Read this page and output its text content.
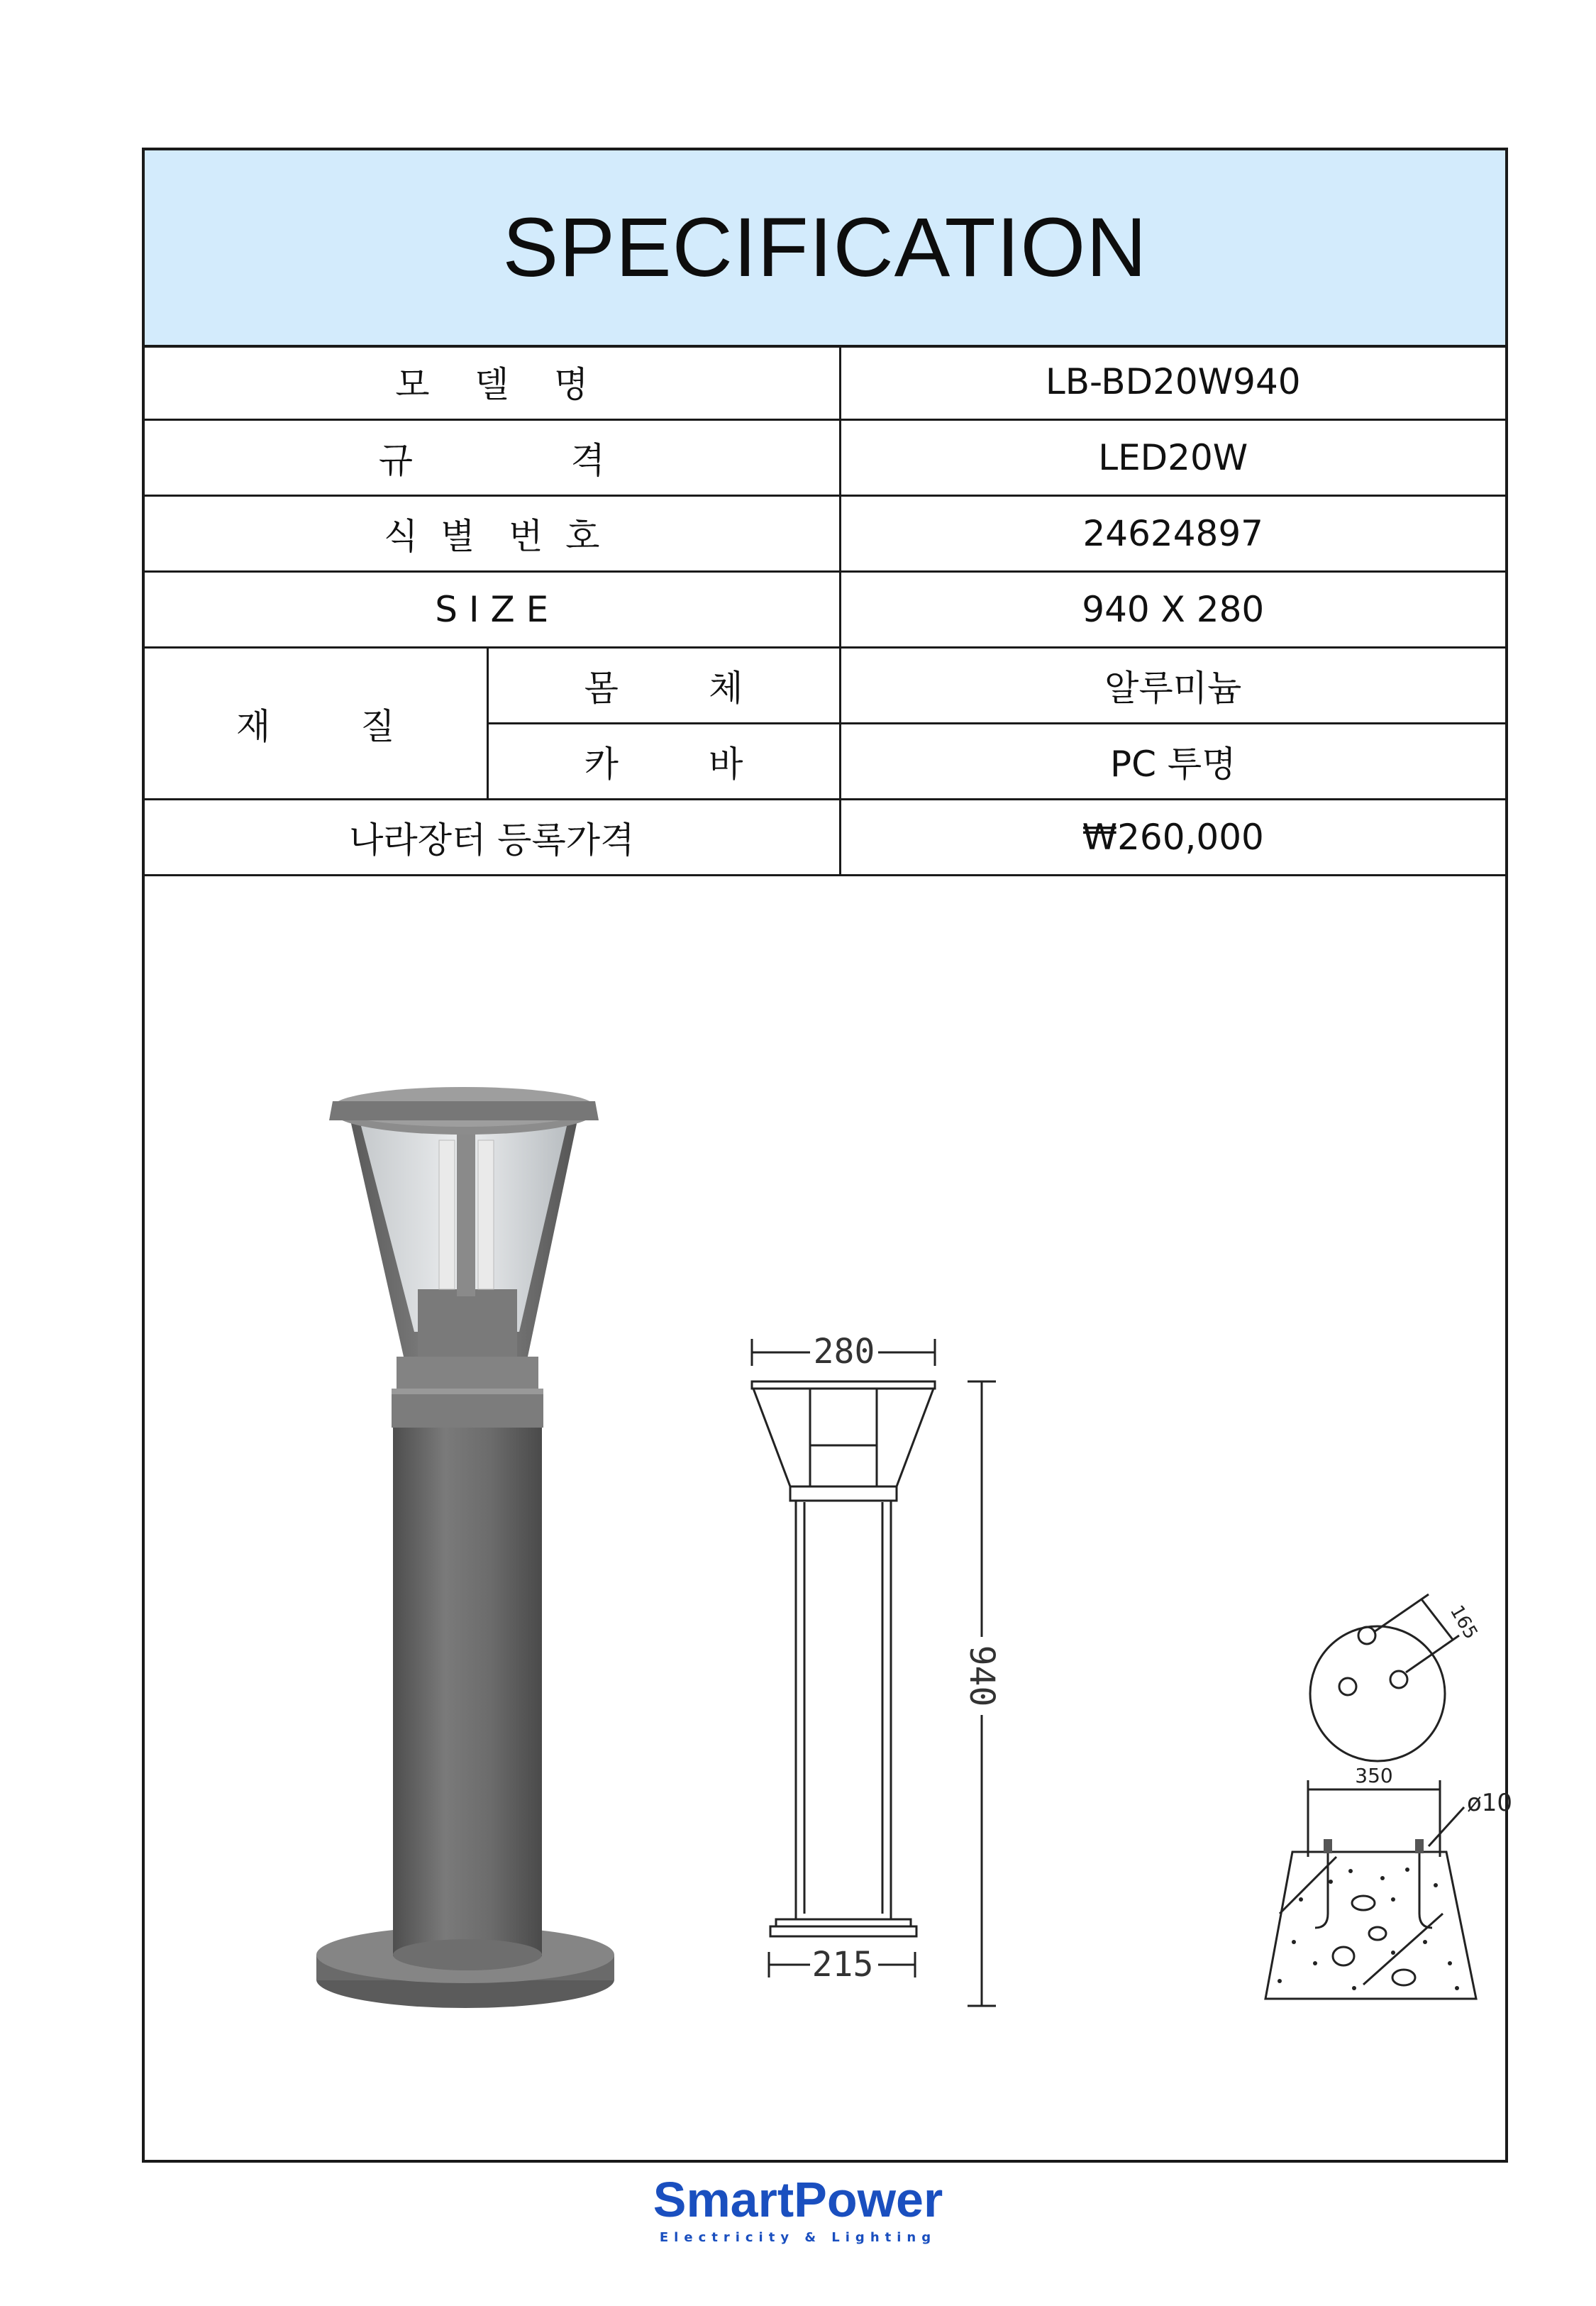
SPECIFICATION
모    델    명		LB-BD20W940
규              격		LED20W
식  별   번  호		24624897
S I Z E		940 X 280
재        질	몸        체	알루미늄
	카        바	PC 투명
나라장터 등록가격		₩260,000
280
215
940
165
350
ø10
SmartPower
Electricity & Lighting
